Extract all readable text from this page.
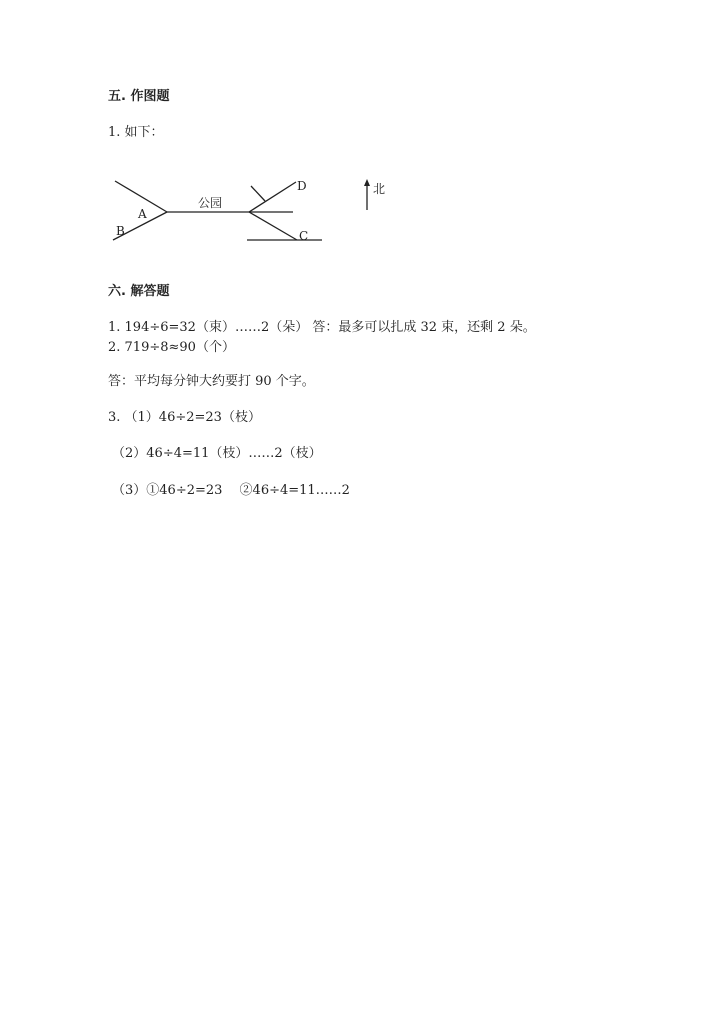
五. 作图题
1. 如下：
A
B
公园
D
C
北
六. 解答题
1. 194÷6=32（束）……2（朵） 答：最多可以扎成 32 束，还剩 2 朵。
2. 719÷8≈90（个）
答：平均每分钟大约要打 90 个字。
3. （1）46÷2=23（枝）
（2）46÷4=11（枝）……2（枝）
（3）①46÷2=23　 ②46÷4=11……2
